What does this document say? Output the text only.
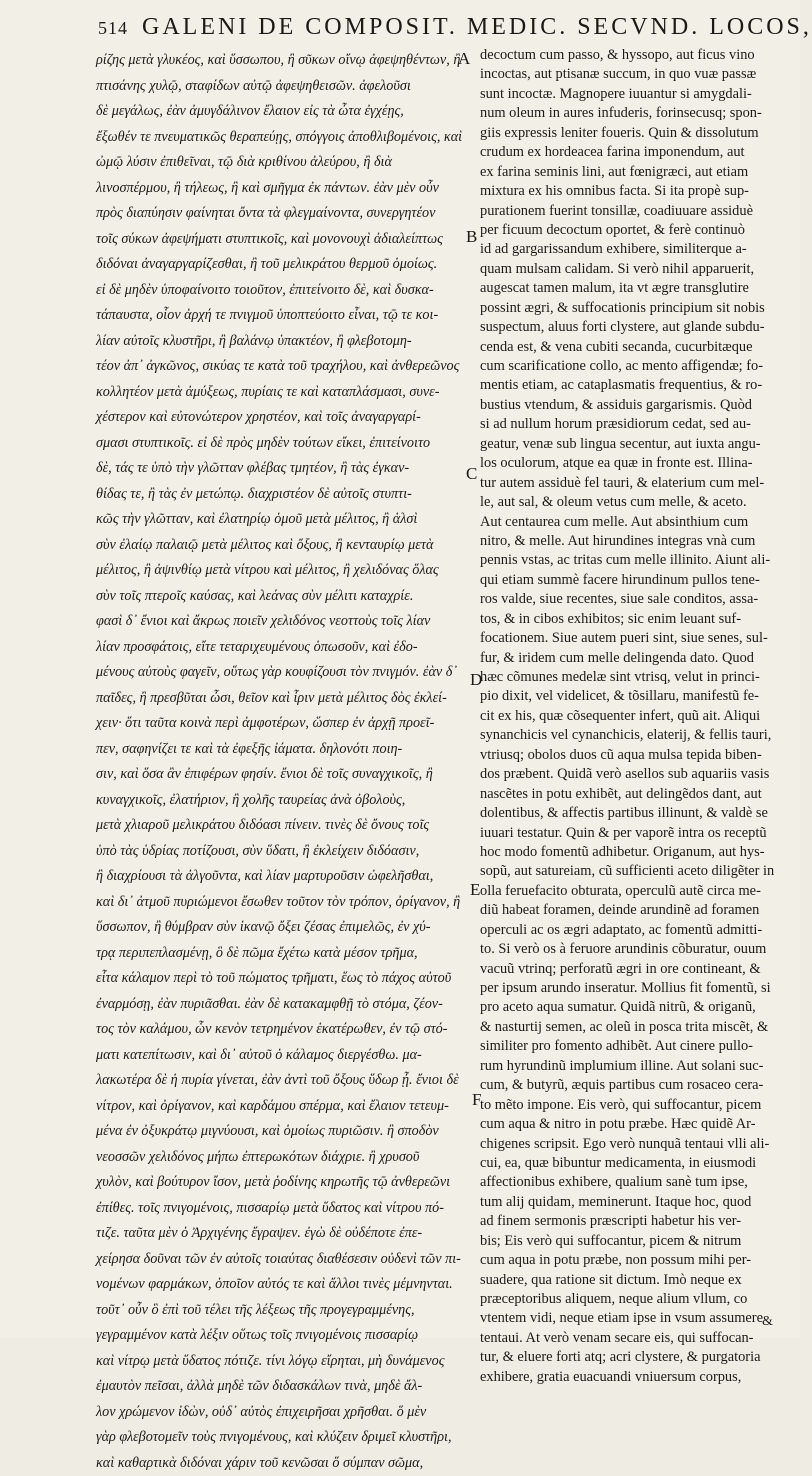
514 GALENI DE COMPOSIT. MEDIC. SECVND. LOCOS,
ρίζης μετὰ γλυκέος, καὶ ὕσσωπου, ἢ σῦκων οἴνῳ ἀφεψηθέντων, ἢ
πτισάνης χυλῷ, σταφίδων αὐτῷ ἀφεψηθεισῶν. ἀφελοῦσι
δὲ μεγάλως, ἐὰν ἀμυγδάλινον ἔλαιον εἰς τὰ ὦτα ἐγχέῃς,
ἔξωθέν τε πνευματικῶς θεραπεύῃς, σπόγγοις ἀποθλιβομένοις, καὶ
ὠμῷ λύσιν ἐπιθεῖναι, τῷ διὰ κριθίνου ἀλεύρου, ἢ διὰ
λινοσπέρμου, ἢ τήλεως, ἢ καὶ σμῆγμα ἐκ πάντων. ἐὰν μὲν οὖν
πρὸς διαπύησιν φαίνηται ὄντα τὰ φλεγμαίνοντα, συνεργητέον
τοῖς σύκων ἀφεψήματι στυπτικοῖς, καὶ μονονουχὶ ἀδιαλείπτως
διδόναι ἀναγαργαρίζεσθαι, ἢ τοῦ μελικράτου θερμοῦ ὁμοίως.
εἰ δὲ μηδὲν ὑποφαίνοιτο τοιοῦτον, ἐπιτείνοιτο δὲ, καὶ δυσκα-
τάπαυστα, οἷον ἀρχή τε πνιγμοῦ ὑποπτεύοιτο εἶναι, τῷ τε κοι-
λίαν αὐτοῖς κλυστῆρι, ἢ βαλάνῳ ὑπακτέον, ἢ φλεβοτομη-
τέον ἀπ᾽ ἀγκῶνος, σικύας τε κατὰ τοῦ τραχήλου, καὶ ἀνθερεῶνος
κολλητέον μετὰ ἀμύξεως, πυρίαις τε καὶ καταπλάσμασι, συνε-
χέστερον καὶ εὐτονώτερον χρηστέον, καὶ τοῖς ἀναγαργαρί-
σμασι στυπτικοῖς. εἰ δὲ πρὸς μηδὲν τούτων εἴκει, ἐπιτείνοιτο
δὲ, τάς τε ὑπὸ τὴν γλῶτταν φλέβας τμητέον, ἢ τὰς ἐγκαν-
θίδας τε, ἢ τὰς ἐν μετώπῳ. διαχριστέον δὲ αὐτοῖς στυπτι-
κῶς τὴν γλῶτταν, καὶ ἐλατηρίῳ ὁμοῦ μετὰ μέλιτος, ἢ ἁλσὶ
σὺν ἐλαίῳ παλαιῷ μετὰ μέλιτος καὶ ὄξους, ἢ κενταυρίῳ μετὰ
μέλιτος, ἢ ἀψινθίῳ μετὰ νίτρου καὶ μέλιτος, ἢ χελιδόνας ὅλας
σὺν τοῖς πτεροῖς καύσας, καὶ λεάνας σὺν μέλιτι καταχρίε.
φασὶ δ᾽ ἔνιοι καὶ ἄκρως ποιεῖν χελιδόνος νεοττοὺς τοῖς λίαν
λίαν προσφάτοις, εἴτε τεταριχευμένους ὁπωσοῦν, καὶ ἐδο-
μένους αὐτοὺς φαγεῖν, οὕτως γὰρ κουφίζουσι τὸν πνιγμόν. ἐὰν δ᾽
παῖδες, ἢ πρεσβῦται ὦσι, θεῖον καὶ ἶριν μετὰ μέλιτος δὸς ἐκλεί-
χειν· ὅτι ταῦτα κοινὰ περὶ ἀμφοτέρων, ὥσπερ ἐν ἀρχῇ προεῖ-
πεν, σαφηνίζει τε καὶ τὰ ἐφεξῆς ἰάματα. δηλονότι ποιη-
σιν, καὶ ὅσα ἂν ἐπιφέρων φησίν. ἔνιοι δὲ τοῖς συναγχικοῖς, ἢ
κυναγχικοῖς, ἐλατήριον, ἢ χολῆς ταυρείας ἀνὰ ὀβολοὺς,
μετὰ χλιαροῦ μελικράτου διδόασι πίνειν. τινὲς δὲ ὄνους τοῖς
ὑπὸ τὰς ὑδρίας ποτίζουσι, σὺν ὕδατι, ἢ ἐκλείχειν διδόασιν,
ἢ διαχρίουσι τὰ ἀλγοῦντα, καὶ λίαν μαρτυροῦσιν ὠφελῆσθαι,
καὶ δι᾽ ἀτμοῦ πυριώμενοι ἔσωθεν τοῦτον τὸν τρόπον, ὀρίγανον, ἢ
ὕσσωπον, ἢ θύμβραν σὺν ἱκανῷ ὄξει ζέσας ἐπιμελῶς, ἐν χύ-
τρᾳ περιπεπλασμένῃ, ὃ δὲ πῶμα ἔχέτω κατὰ μέσον τρῆμα,
εἶτα κάλαμον περὶ τὸ τοῦ πώματος τρῆματι, ἕως τὸ πάχος αὐτοῦ
ἐναρμόσῃ, ἐὰν πυριᾶσθαι. ἐὰν δὲ κατακαμφθῇ τὸ στόμα, ζέον-
τος τὸν καλάμου, ὧν κενὸν τετρημένον ἑκατέρωθεν, ἐν τῷ στό-
ματι κατεπίτωσιν, καὶ δι᾽ αὐτοῦ ὁ κάλαμος διεργέσθω. μα-
λακωτέρα δὲ ἡ πυρία γίνεται, ἐὰν ἀντὶ τοῦ ὄξους ὕδωρ ᾖ. ἔνιοι δὲ
νίτρον, καὶ ὀρίγανον, καὶ καρδάμου σπέρμα, καὶ ἔλαιον τετευμ-
μένα ἐν ὀξυκράτῳ μιγνύουσι, καὶ ὁμοίως πυριῶσιν. ἢ σποδὸν
νεοσσῶν χελιδόνος μήπω ἐπτερωκότων διάχριε. ἢ χρυσοῦ
χυλὸν, καὶ βούτυρον ἴσον, μετὰ ῥοδίνης κηρωτῆς τῷ ἀνθερεῶνι
ἐπίθες. τοῖς πνιγομένοις, πισσαρίῳ μετὰ ὕδατος καὶ νίτρου πό-
τιζε. ταῦτα μὲν ὁ Ἀρχιγένης ἔγραψεν. ἐγὼ δὲ οὐδέποτε ἐπε-
χείρησα δοῦναι τῶν ἐν αὐτοῖς τοιαύτας διαθέσεσιν οὐδενὶ τῶν πι-
νομένων φαρμάκων, ὁποῖον αὐτός τε καὶ ἄλλοι τινὲς μέμνηνται.
τοῦτ᾽ οὖν ὃ ἐπὶ τοῦ τέλει τῆς λέξεως τῆς προγεγραμμένης,
γεγραμμένον κατὰ λέξιν οὕτως τοῖς πνιγομένοις πισσαρίῳ
καὶ νίτρῳ μετὰ ὕδατος πότιζε. τίνι λόγῳ εἴρηται, μὴ δυνάμενος
ἐμαυτὸν πεῖσαι, ἀλλὰ μηδὲ τῶν διδασκάλων τινὰ, μηδὲ ἄλ-
λον χρώμενον ἰδὼν, οὐδ᾽ αὐτὸς ἐπιχειρῆσαι χρῆσθαι. ὅ μὲν
γὰρ φλεβοτομεῖν τοὺς πνιγομένους, καὶ κλύζειν δριμεῖ κλυστῆρι,
καὶ καθαρτικὰ διδόναι χάριν τοῦ κενῶσαι ὅ σύμπαν σῶμα,
decoctum cum passo, & hyssopo, aut ficus vino
incoctas, aut ptisanæ succum, in quo vuæ passæ
sunt incoctæ. Magnopere iuuantur si amygdali-
num oleum in aures infuderis, forinsecusq; spon-
giis expressis leniter foueris. Quin & dissolutum
crudum ex hordeacea farina imponendum, aut
ex farina seminis lini, aut fœnigræci, aut etiam
mixtura ex his omnibus facta. Si ita propè sup-
purationem fuerint tonsillæ, coadiuuare assiduè
per ficuum decoctum oportet, & ferè continuò
id ad gargarissandum exhibere, similiterque a-
quam mulsam calidam. Si verò nihil apparuerit,
augescat tamen malum, ita vt ægre transglutire
possint ægri, & suffocationis principium sit nobis
suspectum, aluus forti clystere, aut glande subdu-
cenda est, & vena cubiti secanda, cucurbitæque
cum scarificatione collo, ac mento affigendæ; fo-
mentis etiam, ac cataplasmatis frequentius, & ro-
bustius vtendum, & assiduis gargarismis. Quòd
si ad nullum horum præsidiorum cedat, sed au-
geatur, venæ sub lingua secentur, aut iuxta angu-
los oculorum, atque ea quæ in fronte est. Illina-
tur autem assiduè fel tauri, & elaterium cum mel-
le, aut sal, & oleum vetus cum melle, & aceto.
Aut centaurea cum melle. Aut absinthium cum
nitro, & melle. Aut hirundines integras vnà cum
pennis vstas, ac tritas cum melle illinito. Aiunt ali-
qui etiam summè facere hirundinum pullos tene-
ros valde, siue recentes, siue sale conditos, assa-
tos, & in cibos exhibitos; sic enim leuant suf-
focationem. Siue autem pueri sint, siue senes, sul-
fur, & iridem cum melle delingenda dato. Quod
hæc cõmunes medelæ sint vtrisq, velut in princi-
pio dixit, vel videlicet, & tõsillaru, manifestũ fe-
cit ex his, quæ cõsequenter infert, quũ ait. Aliqui
synanchicis vel cynanchicis, elaterij, & fellis tauri,
vtriusq; obolos duos cũ aqua mulsa tepida biben-
dos præbent. Quidã verò asellos sub aquariis vasis
nascẽtes in potu exhibẽt, aut delingẽdos dant, aut
dolentibus, & affectis partibus illinunt, & valdè se
iuuari testatur. Quin & per vaporẽ intra os receptũ
hoc modo fomentũ adhibetur. Origanum, aut hys-
sopũ, aut satureiam, cũ sufficienti aceto diligẽter in
olla feruefacito obturata, operculũ autẽ circa me-
diũ habeat foramen, deinde arundinẽ ad foramen
operculi ac os ægri adaptato, ac fomentũ admitti-
to. Si verò os à feruore arundinis cõburatur, ouum
vacuũ vtrinq; perforatũ ægri in ore contineant, &
per ipsum arundo inseratur. Mollius fit fomentũ, si
pro aceto aqua sumatur. Quidã nitrũ, & origanũ,
& nasturtij semen, ac oleũ in posca trita miscẽt, &
similiter pro fomento adhibẽt. Aut cinere pullo-
rum hyrundinũ implumium illine. Aut solani suc-
cum, & butyrũ, æquis partibus cum rosaceo cera-
to mẽto impone. Eis verò, qui suffocantur, picem
cum aqua & nitro in potu præbe. Hæc quidẽ Ar-
chigenes scripsit. Ego verò nunquã tentaui vlli ali-
cui, ea, quæ bibuntur medicamenta, in eiusmodi
affectionibus exhibere, qualium sanè tum ipse,
tum alij quidam, meminerunt. Itaque hoc, quod
ad finem sermonis præscripti habetur his ver-
bis; Eis verò qui suffocantur, picem & nitrum
cum aqua in potu præbe, non possum mihi per-
suadere, qua ratione sit dictum. Imò neque ex
præceptoribus aliquem, neque alium vllum, co
vtentem vidi, neque etiam ipse in vsum assumere
tentaui. At verò venam secare eis, qui suffocan-
tur, & eluere forti atq; acri clystere, & purgatoria
exhibere, gratia euacuandi vniuersum corpus,
A
B
C
D
E
F
&
